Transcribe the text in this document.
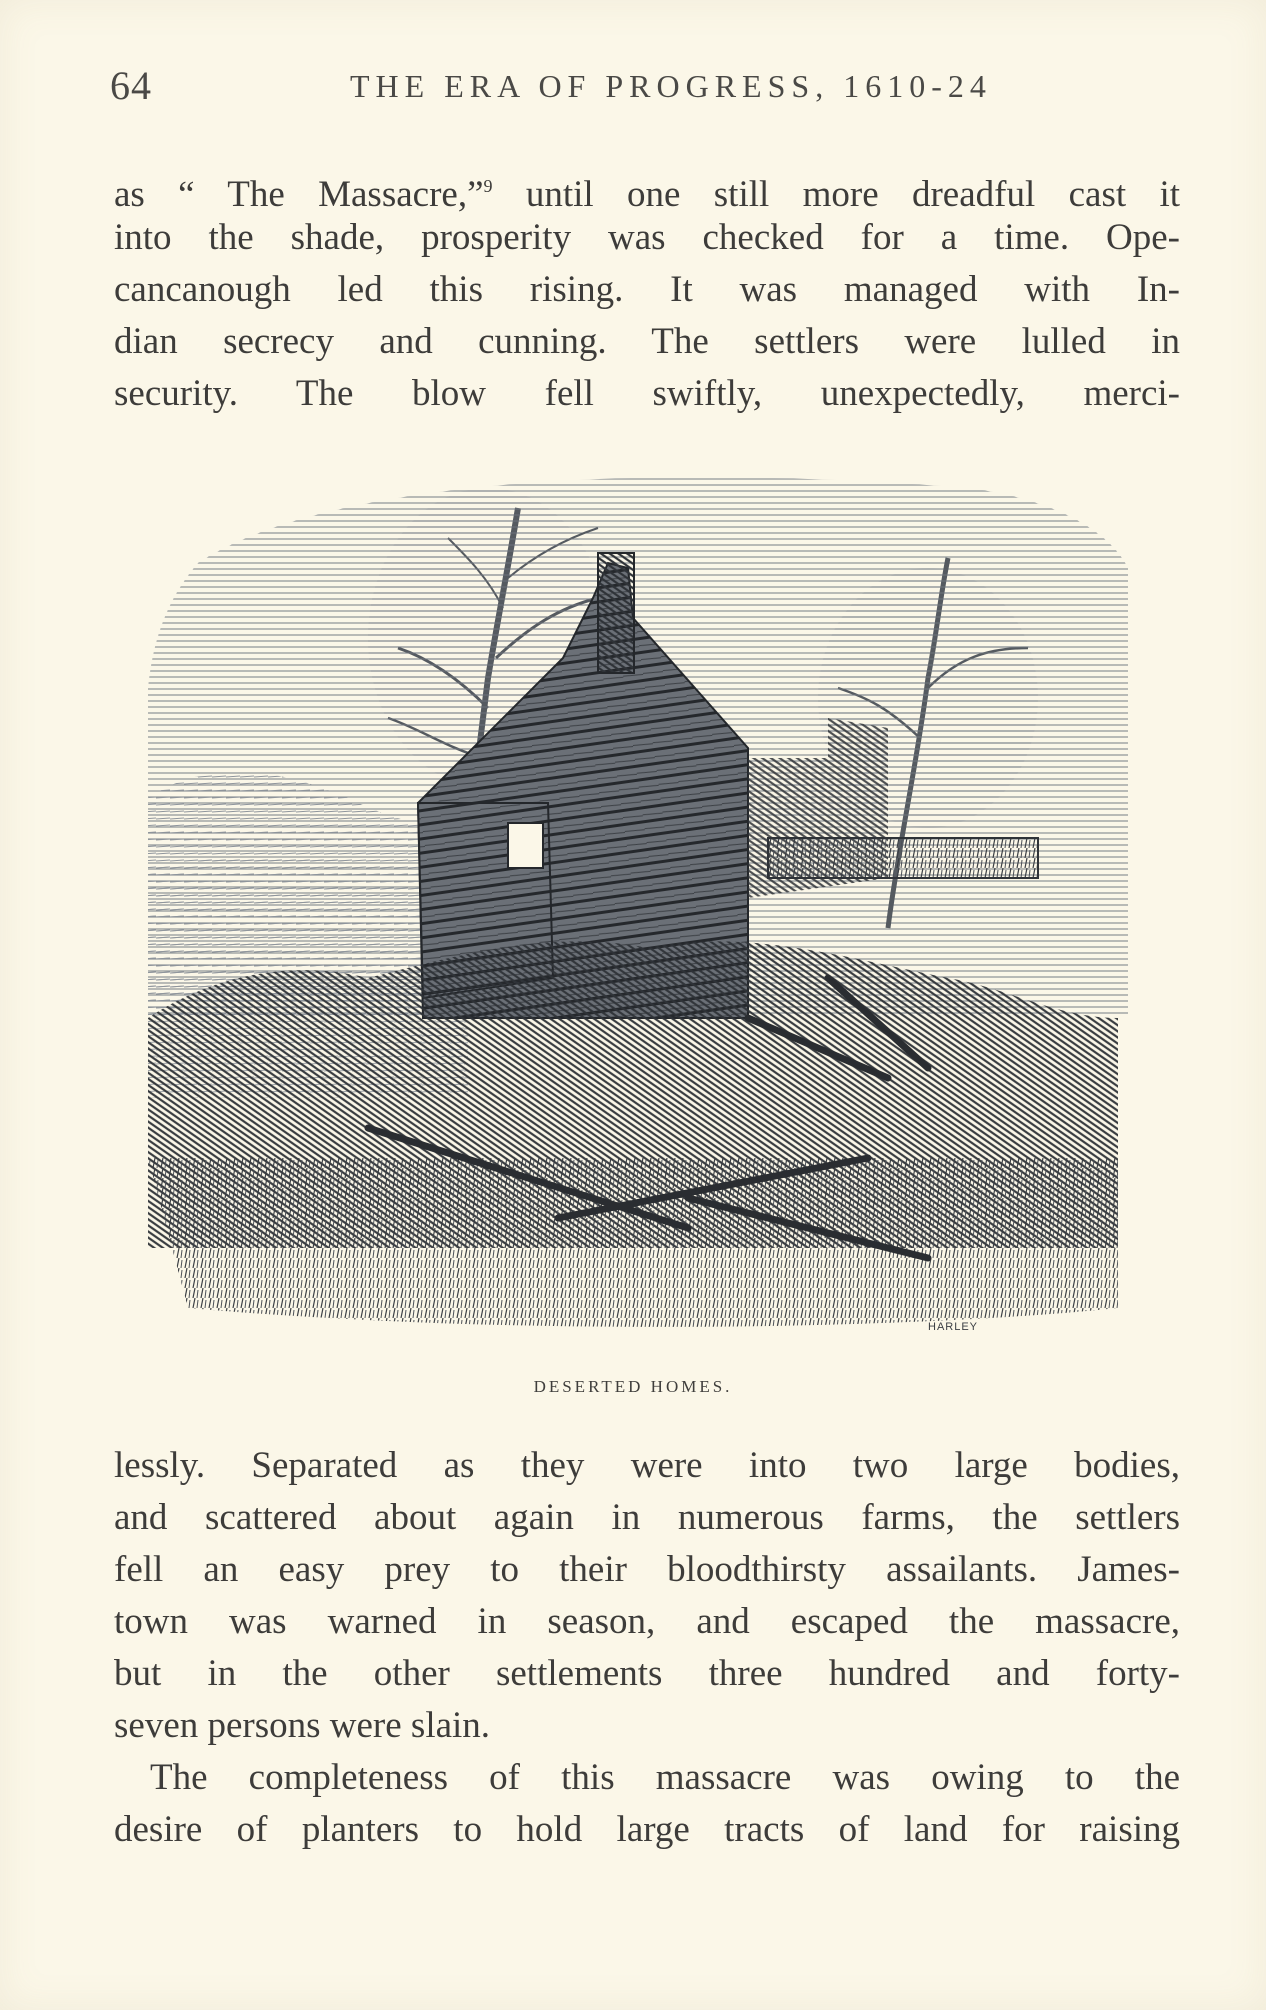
64	THE ERA OF PROGRESS, 1610-24
as “ The Massacre,”$^9$ until one still more dreadful cast it
into the shade, prosperity was checked for a time. Ope-
cancanough led this rising. It was managed with In-
dian secrecy and cunning. The settlers were lulled in
security. The blow fell swiftly, unexpectedly, merci-
HARLEY
DESERTED HOMES.
lessly. Separated as they were into two large bodies,
and scattered about again in numerous farms, the settlers
fell an easy prey to their bloodthirsty assailants. James-
town was warned in season, and escaped the massacre,
but in the other settlements three hundred and forty-
seven persons were slain.
The completeness of this massacre was owing to the
desire of planters to hold large tracts of land for raising
